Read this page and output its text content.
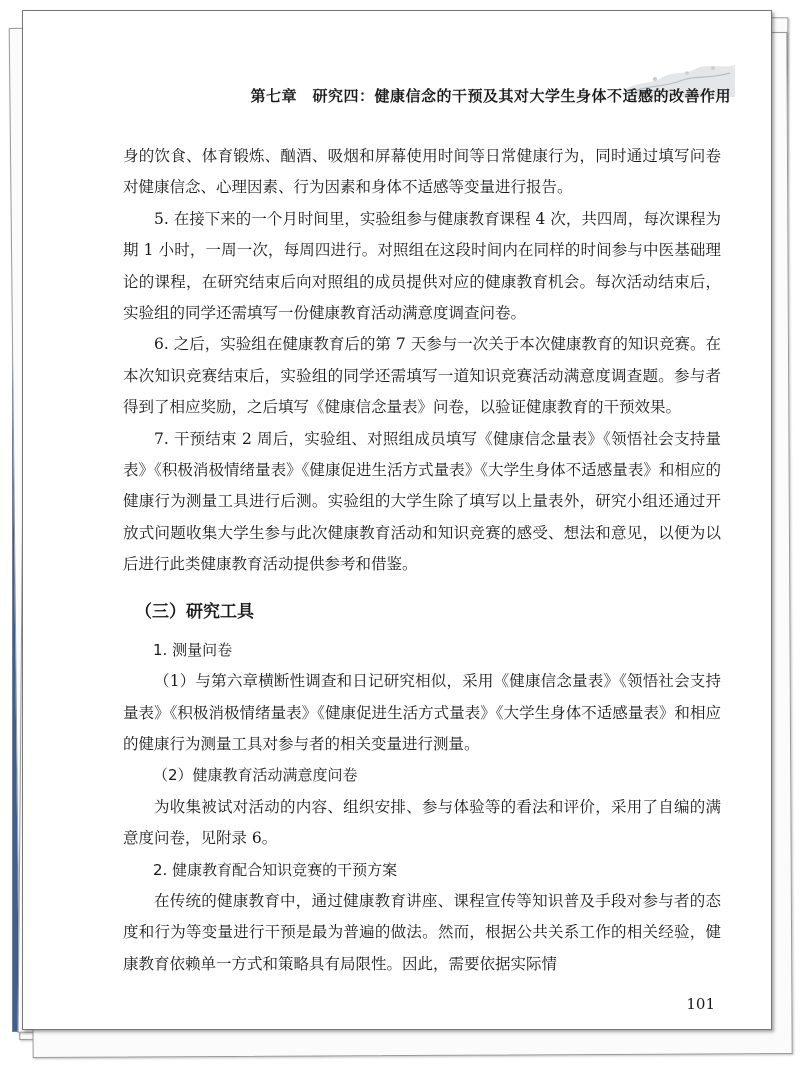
第七章　研究四：健康信念的干预及其对大学生身体不适感的改善作用

身的饮食、体育锻炼、酗酒、吸烟和屏幕使用时间等日常健康行为，同时通过填写问卷对健康信念、心理因素、行为因素和身体不适感等变量进行报告。

5. 在接下来的一个月时间里，实验组参与健康教育课程 4 次，共四周，每次课程为期 1 小时，一周一次，每周四进行。对照组在这段时间内在同样的时间参与中医基础理论的课程，在研究结束后向对照组的成员提供对应的健康教育机会。每次活动结束后，实验组的同学还需填写一份健康教育活动满意度调查问卷。

6. 之后，实验组在健康教育后的第 7 天参与一次关于本次健康教育的知识竞赛。在本次知识竞赛结束后，实验组的同学还需填写一道知识竞赛活动满意度调查题。参与者得到了相应奖励，之后填写《健康信念量表》问卷，以验证健康教育的干预效果。

7. 干预结束 2 周后，实验组、对照组成员填写《健康信念量表》《领悟社会支持量表》《积极消极情绪量表》《健康促进生活方式量表》《大学生身体不适感量表》和相应的健康行为测量工具进行后测。实验组的大学生除了填写以上量表外，研究小组还通过开放式问题收集大学生参与此次健康教育活动和知识竞赛的感受、想法和意见，以便为以后进行此类健康教育活动提供参考和借鉴。

（三）研究工具

1. 测量问卷

（1）与第六章横断性调查和日记研究相似，采用《健康信念量表》《领悟社会支持量表》《积极消极情绪量表》《健康促进生活方式量表》《大学生身体不适感量表》和相应的健康行为测量工具对参与者的相关变量进行测量。

（2）健康教育活动满意度问卷

为收集被试对活动的内容、组织安排、参与体验等的看法和评价，采用了自编的满意度问卷，见附录 6。

2. 健康教育配合知识竞赛的干预方案

在传统的健康教育中，通过健康教育讲座、课程宣传等知识普及手段对参与者的态度和行为等变量进行干预是最为普遍的做法。然而，根据公共关系工作的相关经验，健康教育依赖单一方式和策略具有局限性。因此，需要依据实际情

101
